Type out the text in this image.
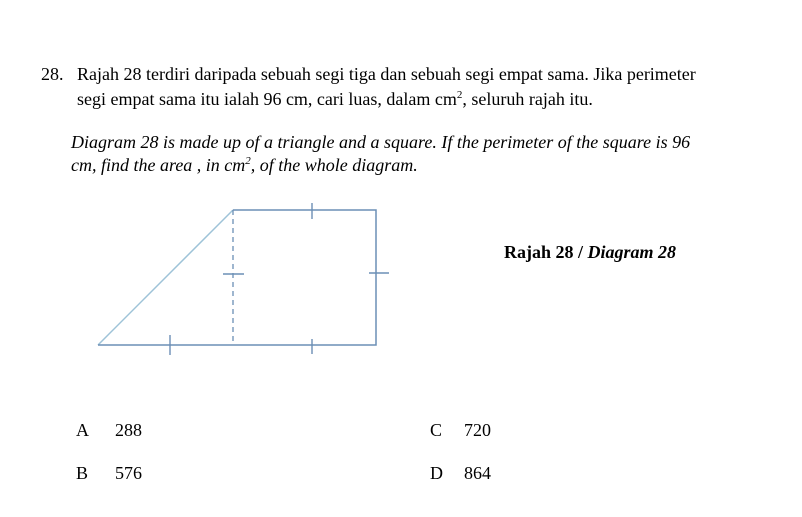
28. Rajah 28 terdiri daripada sebuah segi tiga dan sebuah segi empat sama. Jika perimeter
segi empat sama itu ialah 96 cm, cari luas, dalam $cm^2$, seluruh rajah itu.
Diagram 28 is made up of a triangle and a square. If the perimeter of the square is 96
cm, find the area , in $cm^2$, of the whole diagram.
Rajah 28 / Diagram 28
A 288
B 576
C 720
D 864
